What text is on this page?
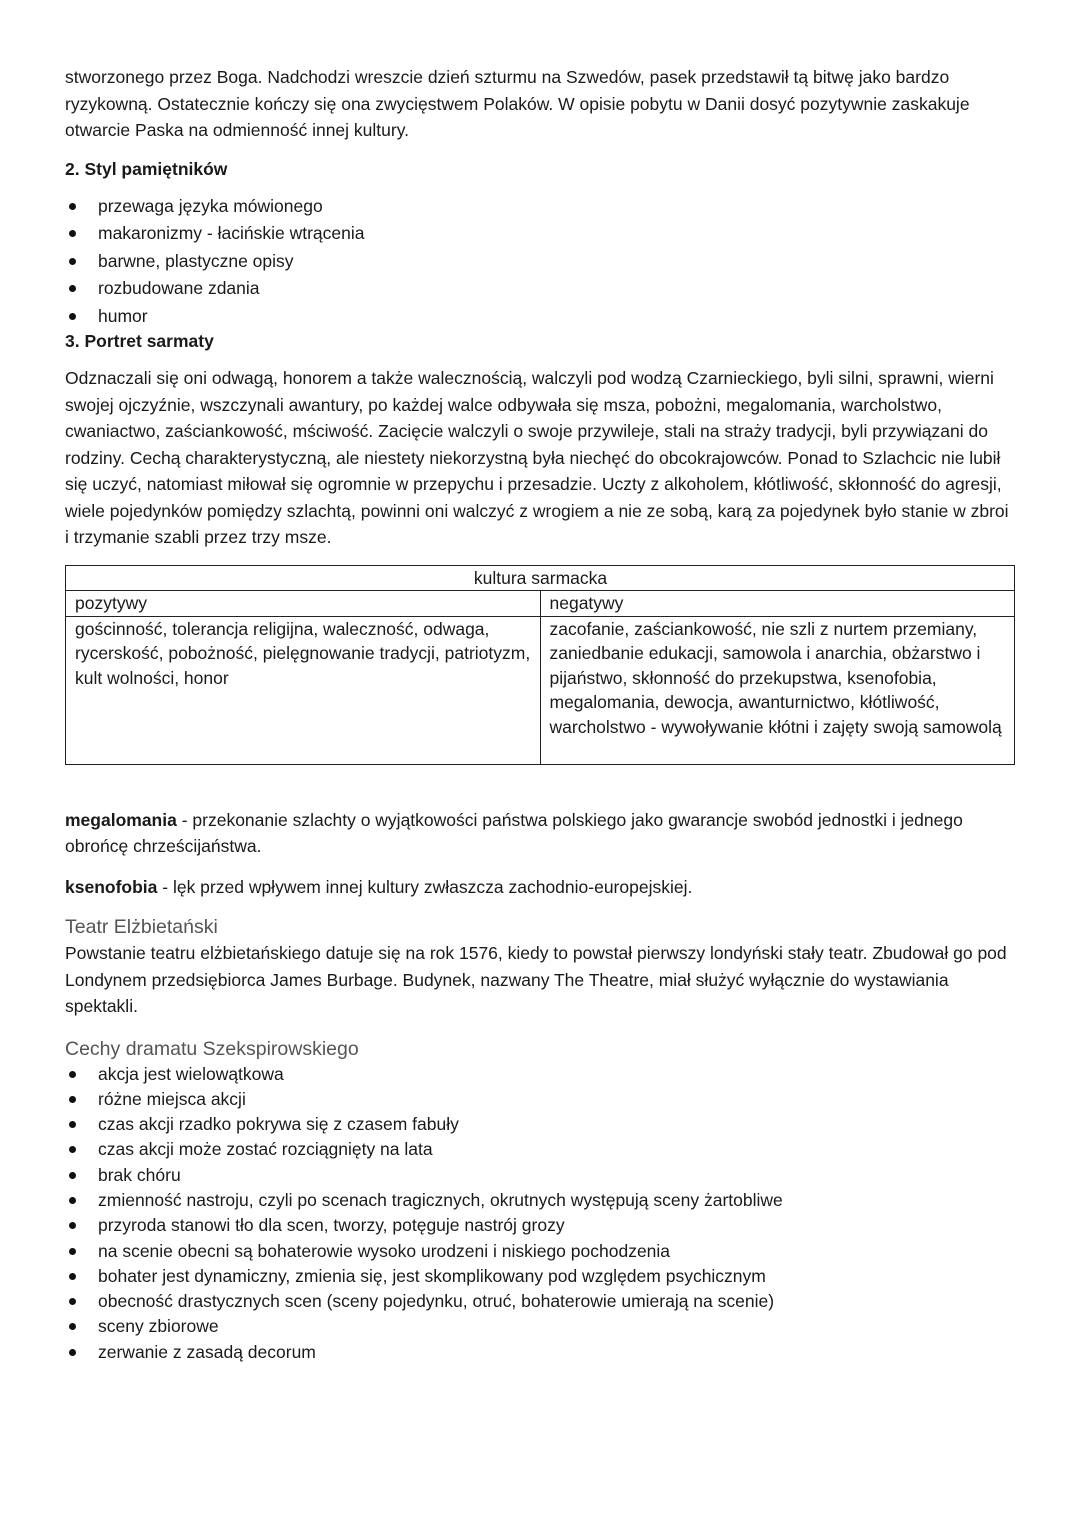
stworzonego przez Boga. Nadchodzi wreszcie dzień szturmu na Szwedów, pasek przedstawił tą bitwę jako bardzo ryzykowną. Ostatecznie kończy się ona zwycięstwem Polaków. W opisie pobytu w Danii dosyć pozytywnie zaskakuje otwarcie Paska na odmienność innej kultury.

2. Styl pamiętników
przewaga języka mówionego
makaronizmy - łacińskie wtrącenia
barwne, plastyczne opisy
rozbudowane zdania
humor
3. Portret sarmaty

Odznaczali się oni odwagą, honorem a także walecznością, walczyli pod wodzą Czarnieckiego, byli silni, sprawni, wierni swojej ojczyźnie, wszczynali awantury, po każdej walce odbywała się msza, pobożni, megalomania, warcholstwo, cwaniactwo, zaściankowość, mściwość. Zacięcie walczyli o swoje przywileje, stali na straży tradycji, byli przywiązani do rodziny. Cechą charakterystyczną, ale niestety niekorzystną była niechęć do obcokrajowców. Ponad to Szlachcic nie lubił się uczyć, natomiast miłował się ogromnie w przepychu i przesadzie. Uczty z alkoholem, kłótliwość, skłonność do agresji, wiele pojedynków pomiędzy szlachtą, powinni oni walczyć z wrogiem a nie ze sobą, karą za pojedynek było stanie w zbroi i trzymanie szabli przez trzy msze.

kultura sarmacka	
pozytywy	negatywy
gościnność, tolerancja religijna, waleczność, odwaga, rycerskość, pobożność, pielęgnowanie tradycji, patriotyzm, kult wolności, honor	zacofanie, zaściankowość, nie szli z nurtem przemiany, zaniedbanie edukacji, samowola i anarchia, obżarstwo i pijaństwo, skłonność do przekupstwa, ksenofobia, megalomania, dewocja, awanturnictwo, kłótliwość, warcholstwo - wywoływanie kłótni i zajęty swoją samowolą

megalomania - przekonanie szlachty o wyjątkowości państwa polskiego jako gwarancje swobód jednostki i jednego obrońcę chrześcijaństwa.

ksenofobia - lęk przed wpływem innej kultury zwłaszcza zachodnio-europejskiej.

Teatr Elżbietański

Powstanie teatru elżbietańskiego datuje się na rok 1576, kiedy to powstał pierwszy londyński stały teatr. Zbudował go pod Londynem przedsiębiorca James Burbage. Budynek, nazwany The Theatre, miał służyć wyłącznie do wystawiania spektakli.

Cechy dramatu Szekspirowskiego
akcja jest wielowątkowa
różne miejsca akcji
czas akcji rzadko pokrywa się z czasem fabuły
czas akcji może zostać rozciągnięty na lata
brak chóru
zmienność nastroju, czyli po scenach tragicznych, okrutnych występują sceny żartobliwe
przyroda stanowi tło dla scen, tworzy, potęguje nastrój grozy
na scenie obecni są bohaterowie wysoko urodzeni i niskiego pochodzenia
bohater jest dynamiczny, zmienia się, jest skomplikowany pod względem psychicznym
obecność drastycznych scen (sceny pojedynku, otruć, bohaterowie umierają na scenie)
sceny zbiorowe
zerwanie z zasadą decorum
